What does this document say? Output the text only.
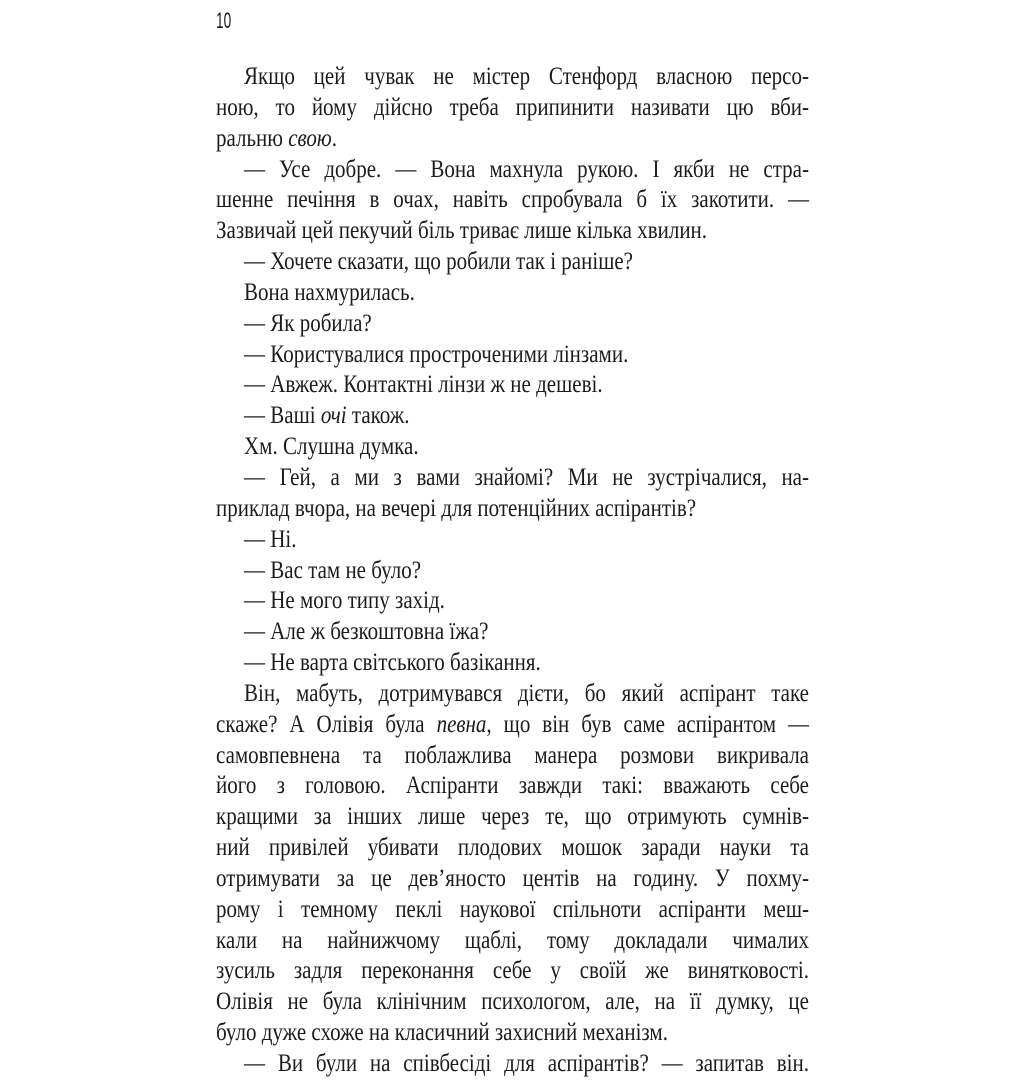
10
Якщо цей чувак не містер Стенфорд власною персо-
ною, то йому дійсно треба припинити називати цю вби-
ральню свою.
— Усе добре. — Вона махнула рукою. І якби не стра-
шенне печіння в очах, навіть спробувала б їх закотити. —
Зазвичай цей пекучий біль триває лише кілька хвилин.
— Хочете сказати, що робили так і раніше?
Вона нахмурилась.
— Як робила?
— Користувалися простроченими лінзами.
— Авжеж. Контактні лінзи ж не дешеві.
— Ваші очі також.
Хм. Слушна думка.
— Гей, а ми з вами знайомі? Ми не зустрічалися, на-
приклад вчора, на вечері для потенційних аспірантів?
— Ні.
— Вас там не було?
— Не мого типу захід.
— Але ж безкоштовна їжа?
— Не варта світського базікання.
Він, мабуть, дотримувався дієти, бо який аспірант таке
скаже? А Олівія була певна, що він був саме аспірантом —
самовпевнена та поблажлива манера розмови викривала
його з головою. Аспіранти завжди такі: вважають себе
кращими за інших лише через те, що отримують сумнів-
ний привілей убивати плодових мошок заради науки та
отримувати за це дев’яносто центів на годину. У похму-
рому і темному пеклі наукової спільноти аспіранти меш-
кали на найнижчому щаблі, тому докладали чималих
зусиль задля переконання себе у своїй же винятковості.
Олівія не була клінічним психологом, але, на її думку, це
було дуже схоже на класичний захисний механізм.
— Ви були на співбесіді для аспірантів? — запитав він.
